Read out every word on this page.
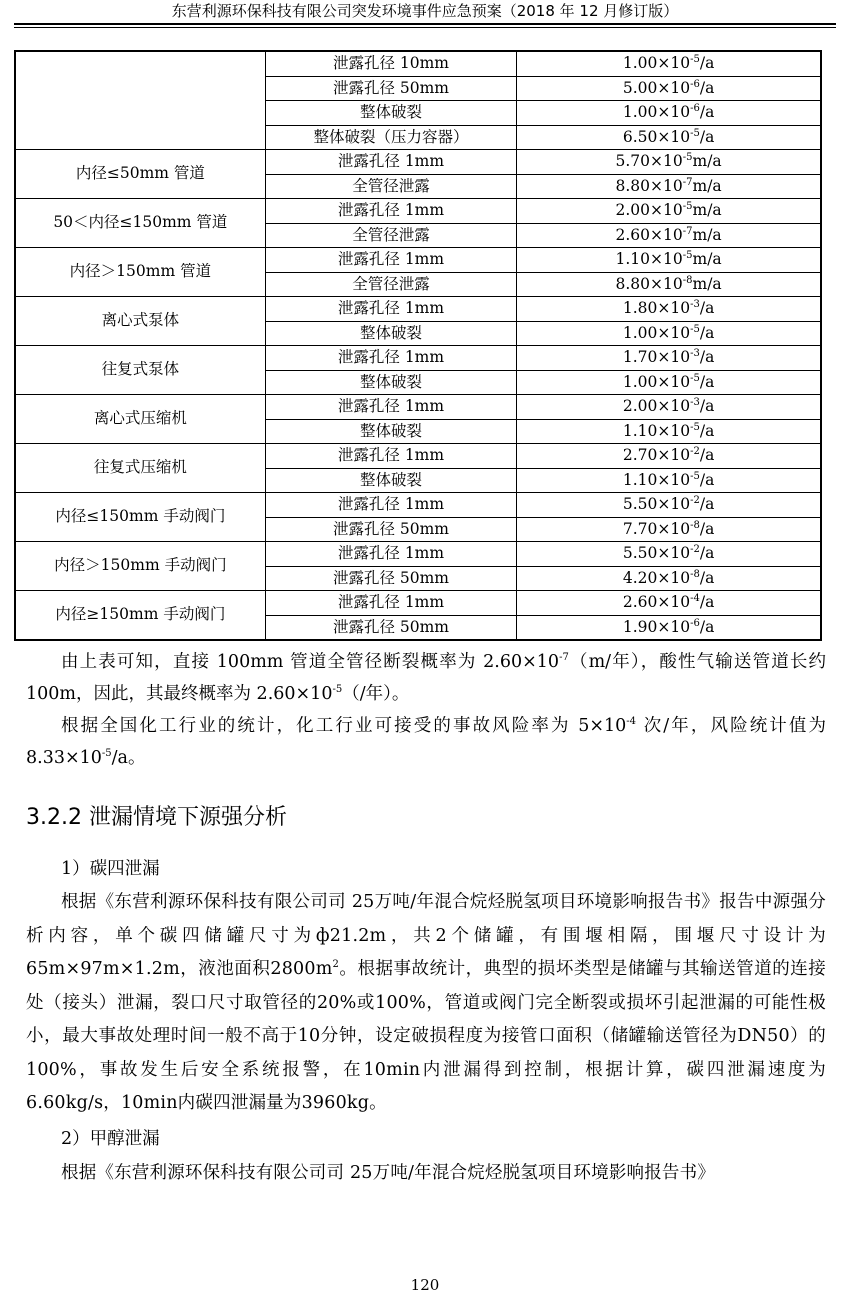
东营利源环保科技有限公司突发环境事件应急预案（2018 年 12 月修订版）
	泄露孔径 10mm	$1.00\times 10^{-5}/a$
	泄露孔径 50mm	$5.00\times 10^{-6}/a$
	整体破裂	$1.00\times 10^{-6}/a$
	整体破裂（压力容器）	$6.50\times 10^{-5}/a$
内径≤50mm 管道	泄露孔径 1mm	$5.70\times 10^{-5}m/a$
	全管径泄露	$8.80\times 10^{-7}m/a$
50＜内径≤150mm 管道	泄露孔径 1mm	$2.00\times 10^{-5}m/a$
	全管径泄露	$2.60\times 10^{-7}m/a$
内径＞150mm 管道	泄露孔径 1mm	$1.10\times 10^{-5}m/a$
	全管径泄露	$8.80\times 10^{-8}m/a$
离心式泵体	泄露孔径 1mm	$1.80\times 10^{-3}/a$
	整体破裂	$1.00\times 10^{-5}/a$
往复式泵体	泄露孔径 1mm	$1.70\times 10^{-3}/a$
	整体破裂	$1.00\times 10^{-5}/a$
离心式压缩机	泄露孔径 1mm	$2.00\times 10^{-3}/a$
	整体破裂	$1.10\times 10^{-5}/a$
往复式压缩机	泄露孔径 1mm	$2.70\times 10^{-2}/a$
	整体破裂	$1.10\times 10^{-5}/a$
内径≤150mm 手动阀门	泄露孔径 1mm	$5.50\times 10^{-2}/a$
	泄露孔径 50mm	$7.70\times 10^{-8}/a$
内径＞150mm 手动阀门	泄露孔径 1mm	$5.50\times 10^{-2}/a$
	泄露孔径 50mm	$4.20\times 10^{-8}/a$
内径≥150mm 手动阀门	泄露孔径 1mm	$2.60\times 10^{-4}/a$
	泄露孔径 50mm	$1.90\times 10^{-6}/a$

由上表可知，直接 100mm 管道全管径断裂概率为 $2.60\times 10^{-7}(m/$年），酸性气输送管道长约 100m，因此，其最终概率为 $2.60\times 10^{-5}(/$年）。

根据全国化工行业的统计，化工行业可接受的事故风险率为 $5\times 10^{-4}$ 次/年，风险统计值为 $8.33\times 10^{-5}/a$。

3.2.2 泄漏情境下源强分析

1）碳四泄漏

根据《东营利源环保科技有限公司司 25万吨/年混合烷烃脱氢项目环境影响报告书》报告中源强分析内容，单个碳四储罐尺寸为ф21.2m，共2个储罐，有围堰相隔，围堰尺寸设计为65m×97m×1.2m，液池面积$2800m^2$。根据事故统计，典型的损坏类型是储罐与其输送管道的连接处（接头）泄漏，裂口尺寸取管径的20%或100%，管道或阀门完全断裂或损坏引起泄漏的可能性极小，最大事故处理时间一般不高于10分钟，设定破损程度为接管口面积（储罐输送管径为DN50）的100%，事故发生后安全系统报警，在10min内泄漏得到控制，根据计算，碳四泄漏速度为6.60kg/s，10min内碳四泄漏量为3960kg。

2）甲醇泄漏

根据《东营利源环保科技有限公司司 25万吨/年混合烷烃脱氢项目环境影响报告书》

120
